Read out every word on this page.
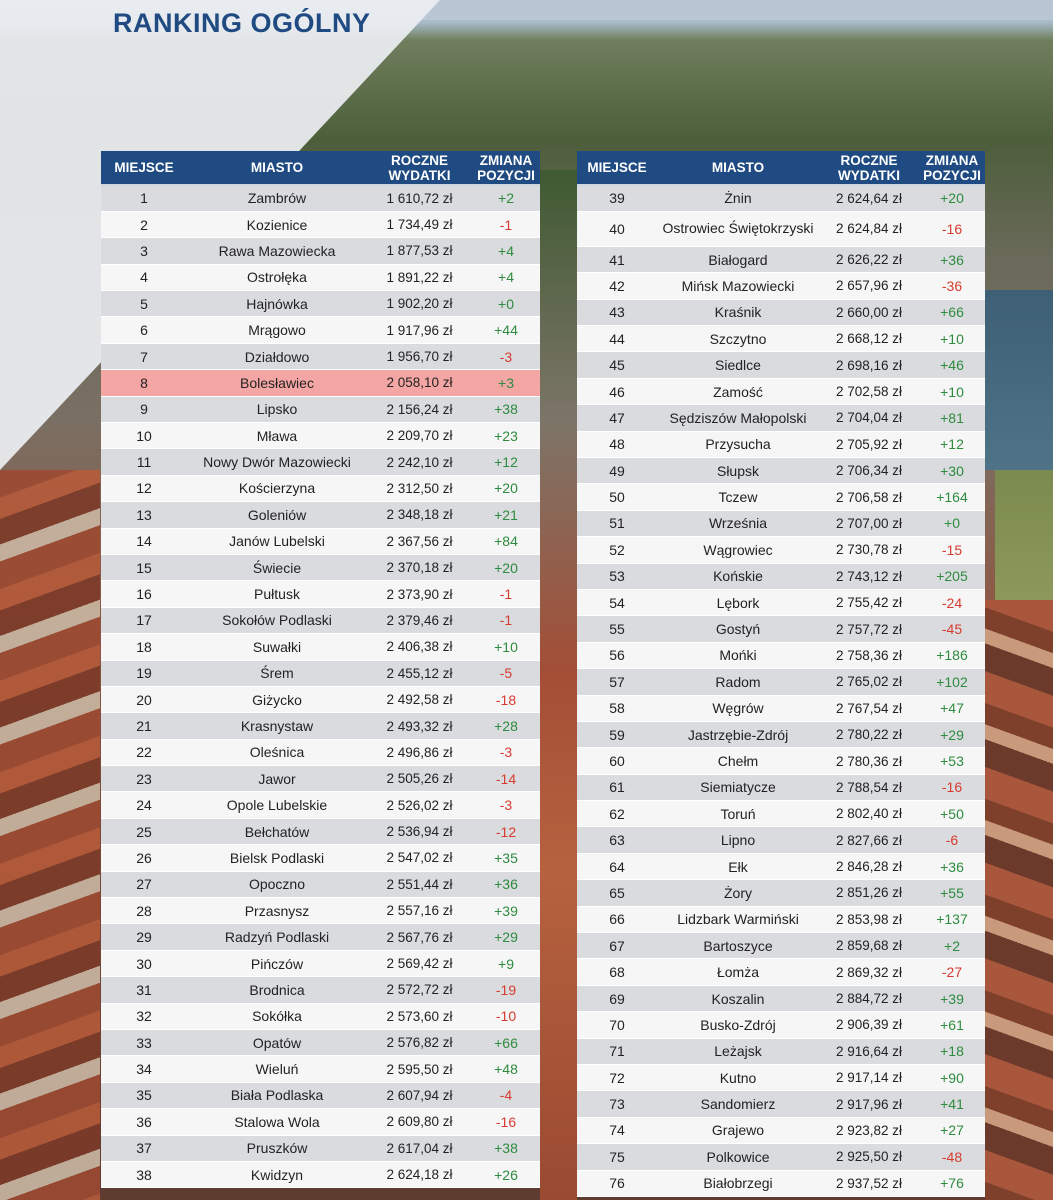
RANKING OGÓLNY
MIEJSCE	MIASTO	ROCZNE WYDATKI	ZMIANA POZYCJI
1	Zambrów	1 610,72 zł	+2
2	Kozienice	1 734,49 zł	-1
3	Rawa Mazowiecka	1 877,53 zł	+4
4	Ostrołęka	1 891,22 zł	+4
5	Hajnówka	1 902,20 zł	+0
6	Mrągowo	1 917,96 zł	+44
7	Działdowo	1 956,70 zł	-3
8	Bolesławiec	2 058,10 zł	+3
9	Lipsko	2 156,24 zł	+38
10	Mława	2 209,70 zł	+23
11	Nowy Dwór Mazowiecki	2 242,10 zł	+12
12	Kościerzyna	2 312,50 zł	+20
13	Goleniów	2 348,18 zł	+21
14	Janów Lubelski	2 367,56 zł	+84
15	Świecie	2 370,18 zł	+20
16	Pułtusk	2 373,90 zł	-1
17	Sokołów Podlaski	2 379,46 zł	-1
18	Suwałki	2 406,38 zł	+10
19	Śrem	2 455,12 zł	-5
20	Giżycko	2 492,58 zł	-18
21	Krasnystaw	2 493,32 zł	+28
22	Oleśnica	2 496,86 zł	-3
23	Jawor	2 505,26 zł	-14
24	Opole Lubelskie	2 526,02 zł	-3
25	Bełchatów	2 536,94 zł	-12
26	Bielsk Podlaski	2 547,02 zł	+35
27	Opoczno	2 551,44 zł	+36
28	Przasnysz	2 557,16 zł	+39
29	Radzyń Podlaski	2 567,76 zł	+29
30	Pińczów	2 569,42 zł	+9
31	Brodnica	2 572,72 zł	-19
32	Sokółka	2 573,60 zł	-10
33	Opatów	2 576,82 zł	+66
34	Wieluń	2 595,50 zł	+48
35	Biała Podlaska	2 607,94 zł	-4
36	Stalowa Wola	2 609,80 zł	-16
37	Pruszków	2 617,04 zł	+38
38	Kwidzyn	2 624,18 zł	+26
MIEJSCE	MIASTO	ROCZNE WYDATKI	ZMIANA POZYCJI
39	Żnin	2 624,64 zł	+20
40	Ostrowiec Świętokrzyski	2 624,84 zł	-16
41	Białogard	2 626,22 zł	+36
42	Mińsk Mazowiecki	2 657,96 zł	-36
43	Kraśnik	2 660,00 zł	+66
44	Szczytno	2 668,12 zł	+10
45	Siedlce	2 698,16 zł	+46
46	Zamość	2 702,58 zł	+10
47	Sędziszów Małopolski	2 704,04 zł	+81
48	Przysucha	2 705,92 zł	+12
49	Słupsk	2 706,34 zł	+30
50	Tczew	2 706,58 zł	+164
51	Września	2 707,00 zł	+0
52	Wągrowiec	2 730,78 zł	-15
53	Końskie	2 743,12 zł	+205
54	Lębork	2 755,42 zł	-24
55	Gostyń	2 757,72 zł	-45
56	Mońki	2 758,36 zł	+186
57	Radom	2 765,02 zł	+102
58	Węgrów	2 767,54 zł	+47
59	Jastrzębie-Zdrój	2 780,22 zł	+29
60	Chełm	2 780,36 zł	+53
61	Siemiatycze	2 788,54 zł	-16
62	Toruń	2 802,40 zł	+50
63	Lipno	2 827,66 zł	-6
64	Ełk	2 846,28 zł	+36
65	Żory	2 851,26 zł	+55
66	Lidzbark Warmiński	2 853,98 zł	+137
67	Bartoszyce	2 859,68 zł	+2
68	Łomża	2 869,32 zł	-27
69	Koszalin	2 884,72 zł	+39
70	Busko-Zdrój	2 906,39 zł	+61
71	Leżajsk	2 916,64 zł	+18
72	Kutno	2 917,14 zł	+90
73	Sandomierz	2 917,96 zł	+41
74	Grajewo	2 923,82 zł	+27
75	Polkowice	2 925,50 zł	-48
76	Białobrzegi	2 937,52 zł	+76
